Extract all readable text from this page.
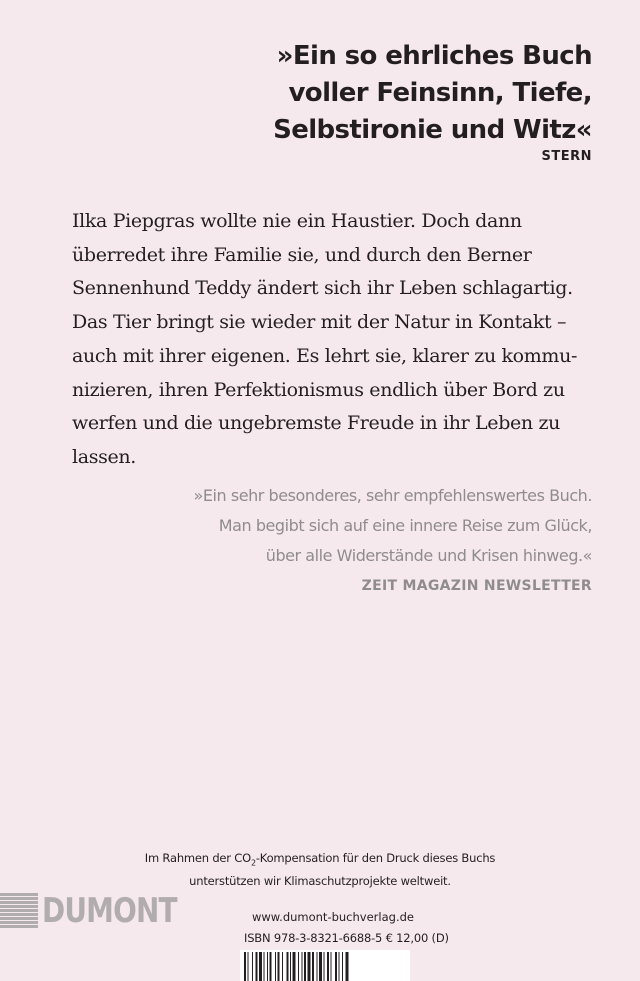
»Ein so ehrliches Buch
voller Feinsinn, Tiefe,
Selbstironie und Witz«
STERN
Ilka Piepgras wollte nie ein Haustier. Doch dann
überredet ihre Familie sie, und durch den Berner
Sennenhund Teddy ändert sich ihr Leben schlagartig.
Das Tier bringt sie wieder mit der Natur in Kontakt –
auch mit ihrer eigenen. Es lehrt sie, klarer zu kommu-
nizieren, ihren Perfektionismus endlich über Bord zu
werfen und die ungebremste Freude in ihr Leben zu
lassen.
»Ein sehr besonderes, sehr empfehlenswertes Buch.
Man begibt sich auf eine innere Reise zum Glück,
über alle Widerstände und Krisen hinweg.«
ZEIT MAGAZIN NEWSLETTER
Im Rahmen der $CO_2$-Kompensation für den Druck dieses Buchs
unterstützen wir Klimaschutzprojekte weltweit.
DUMONT	www.dumont-buchverlag.de
ISBN 978-3-8321-6688-5 € 12,00 (D)
